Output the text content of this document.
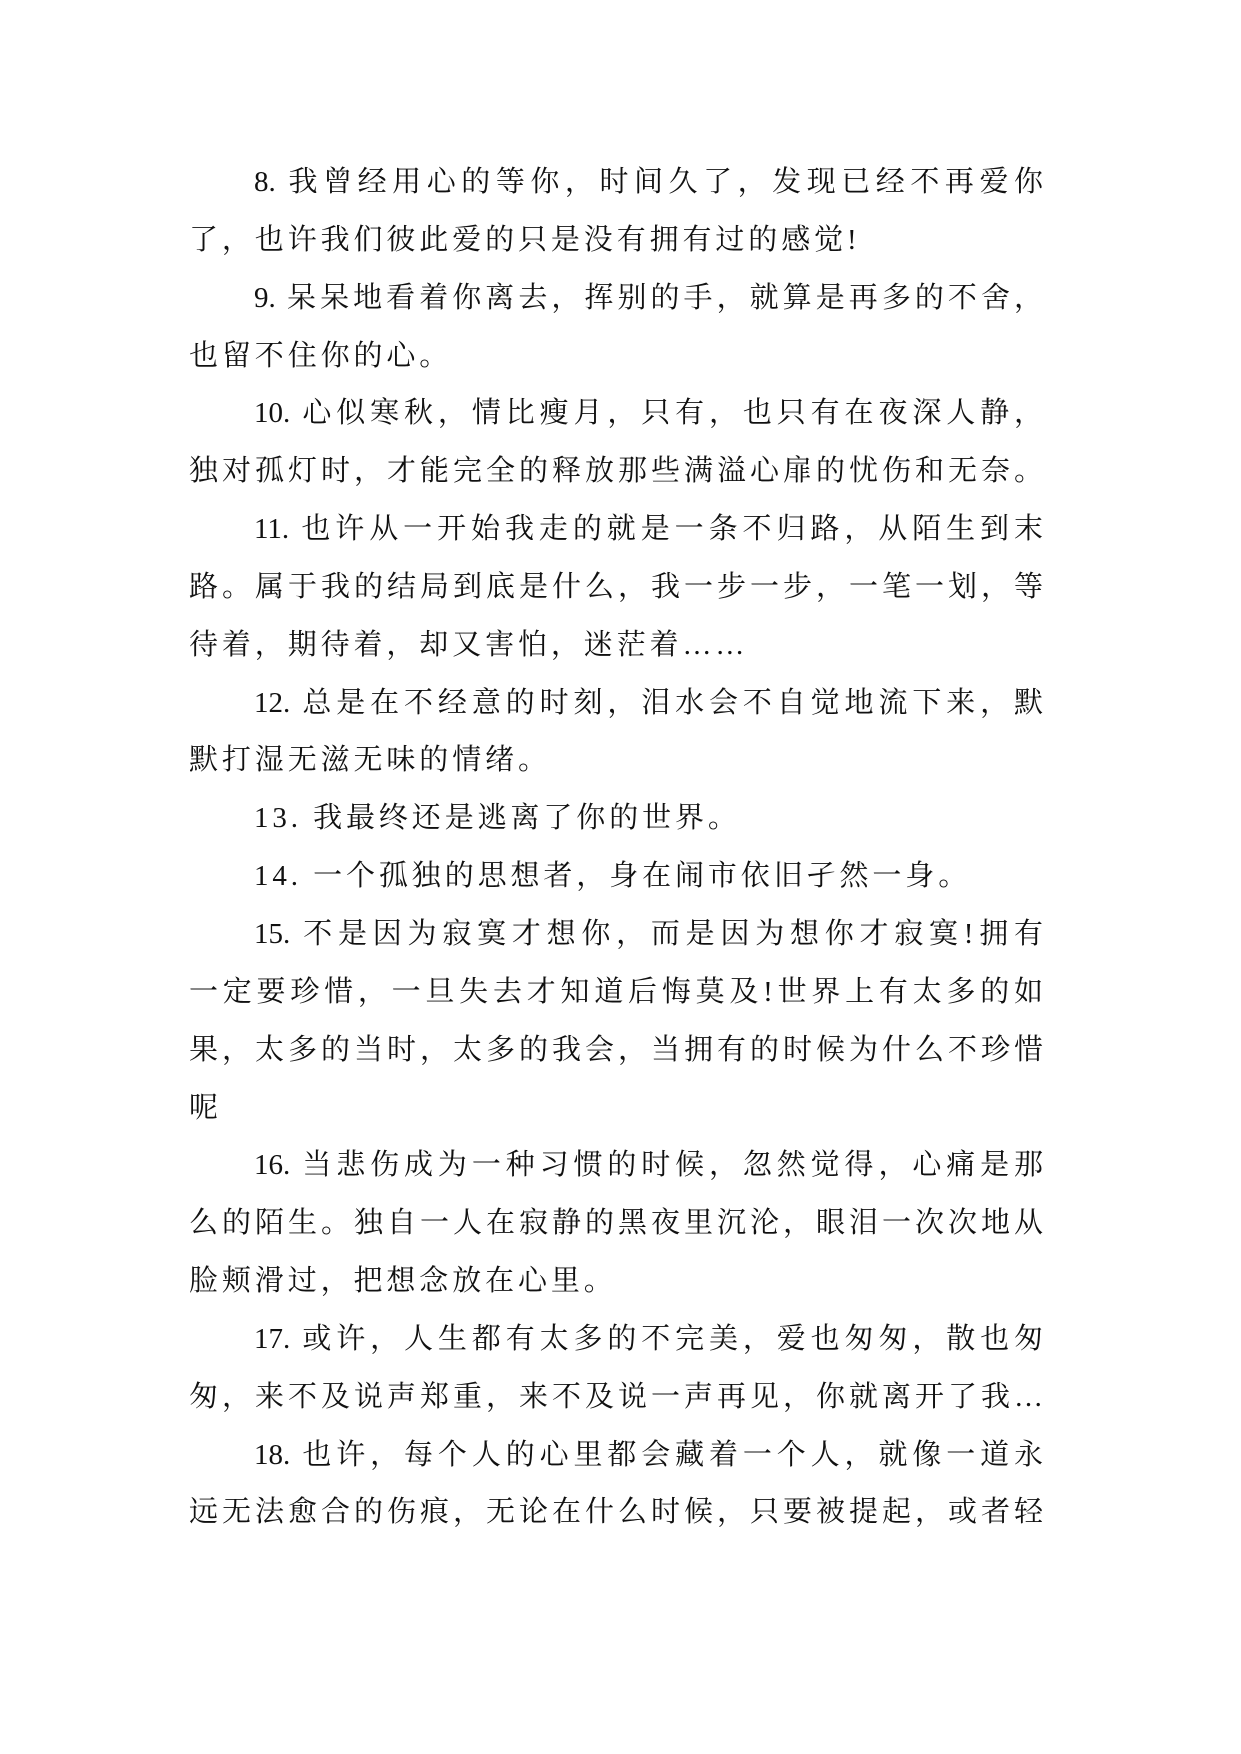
8. 我曾经用心的等你，时间久了，发现已经不再爱你
了，也许我们彼此爱的只是没有拥有过的感觉!
9. 呆呆地看着你离去，挥别的手，就算是再多的不舍，
也留不住你的心。
10. 心似寒秋，情比瘦月，只有，也只有在夜深人静，
独对孤灯时，才能完全的释放那些满溢心扉的忧伤和无奈。
11. 也许从一开始我走的就是一条不归路，从陌生到末
路。属于我的结局到底是什么，我一步一步，一笔一划，等
待着，期待着，却又害怕，迷茫着……
12. 总是在不经意的时刻，泪水会不自觉地流下来，默
默打湿无滋无味的情绪。
13. 我最终还是逃离了你的世界。
14. 一个孤独的思想者，身在闹市依旧孑然一身。
15. 不是因为寂寞才想你，而是因为想你才寂寞!拥有
一定要珍惜，一旦失去才知道后悔莫及!世界上有太多的如
果，太多的当时，太多的我会，当拥有的时候为什么不珍惜
呢
16. 当悲伤成为一种习惯的时候，忽然觉得，心痛是那
么的陌生。独自一人在寂静的黑夜里沉沦，眼泪一次次地从
脸颊滑过，把想念放在心里。
17. 或许，人生都有太多的不完美，爱也匆匆，散也匆
匆，来不及说声郑重，来不及说一声再见，你就离开了我…
18. 也许，每个人的心里都会藏着一个人，就像一道永
远无法愈合的伤痕，无论在什么时候，只要被提起，或者轻
